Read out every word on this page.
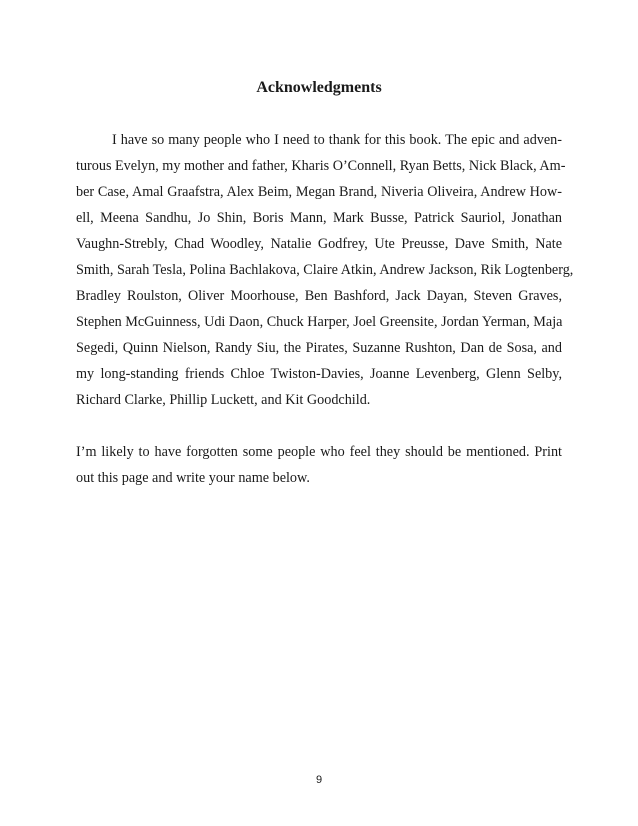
Acknowledgments

I have so many people who I need to thank for this book. The epic and adven-

turous Evelyn, my mother and father, Kharis O’Connell, Ryan Betts, Nick Black, Am-

ber Case, Amal Graafstra, Alex Beim, Megan Brand, Niveria Oliveira, Andrew How-

ell, Meena Sandhu, Jo Shin, Boris Mann, Mark Busse, Patrick Sauriol, Jonathan

Vaughn-Strebly, Chad Woodley, Natalie Godfrey, Ute Preusse, Dave Smith, Nate

Smith, Sarah Tesla, Polina Bachlakova, Claire Atkin, Andrew Jackson, Rik Logtenberg,

Bradley Roulston, Oliver Moorhouse, Ben Bashford, Jack Dayan, Steven Graves,

Stephen McGuinness, Udi Daon, Chuck Harper, Joel Greensite, Jordan Yerman, Maja

Segedi, Quinn Nielson, Randy Siu, the Pirates, Suzanne Rushton, Dan de Sosa, and

my long-standing friends Chloe Twiston-Davies, Joanne Levenberg, Glenn Selby,

Richard Clarke, Phillip Luckett, and Kit Goodchild.

I’m likely to have forgotten some people who feel they should be mentioned. Print

out this page and write your name below.

9
